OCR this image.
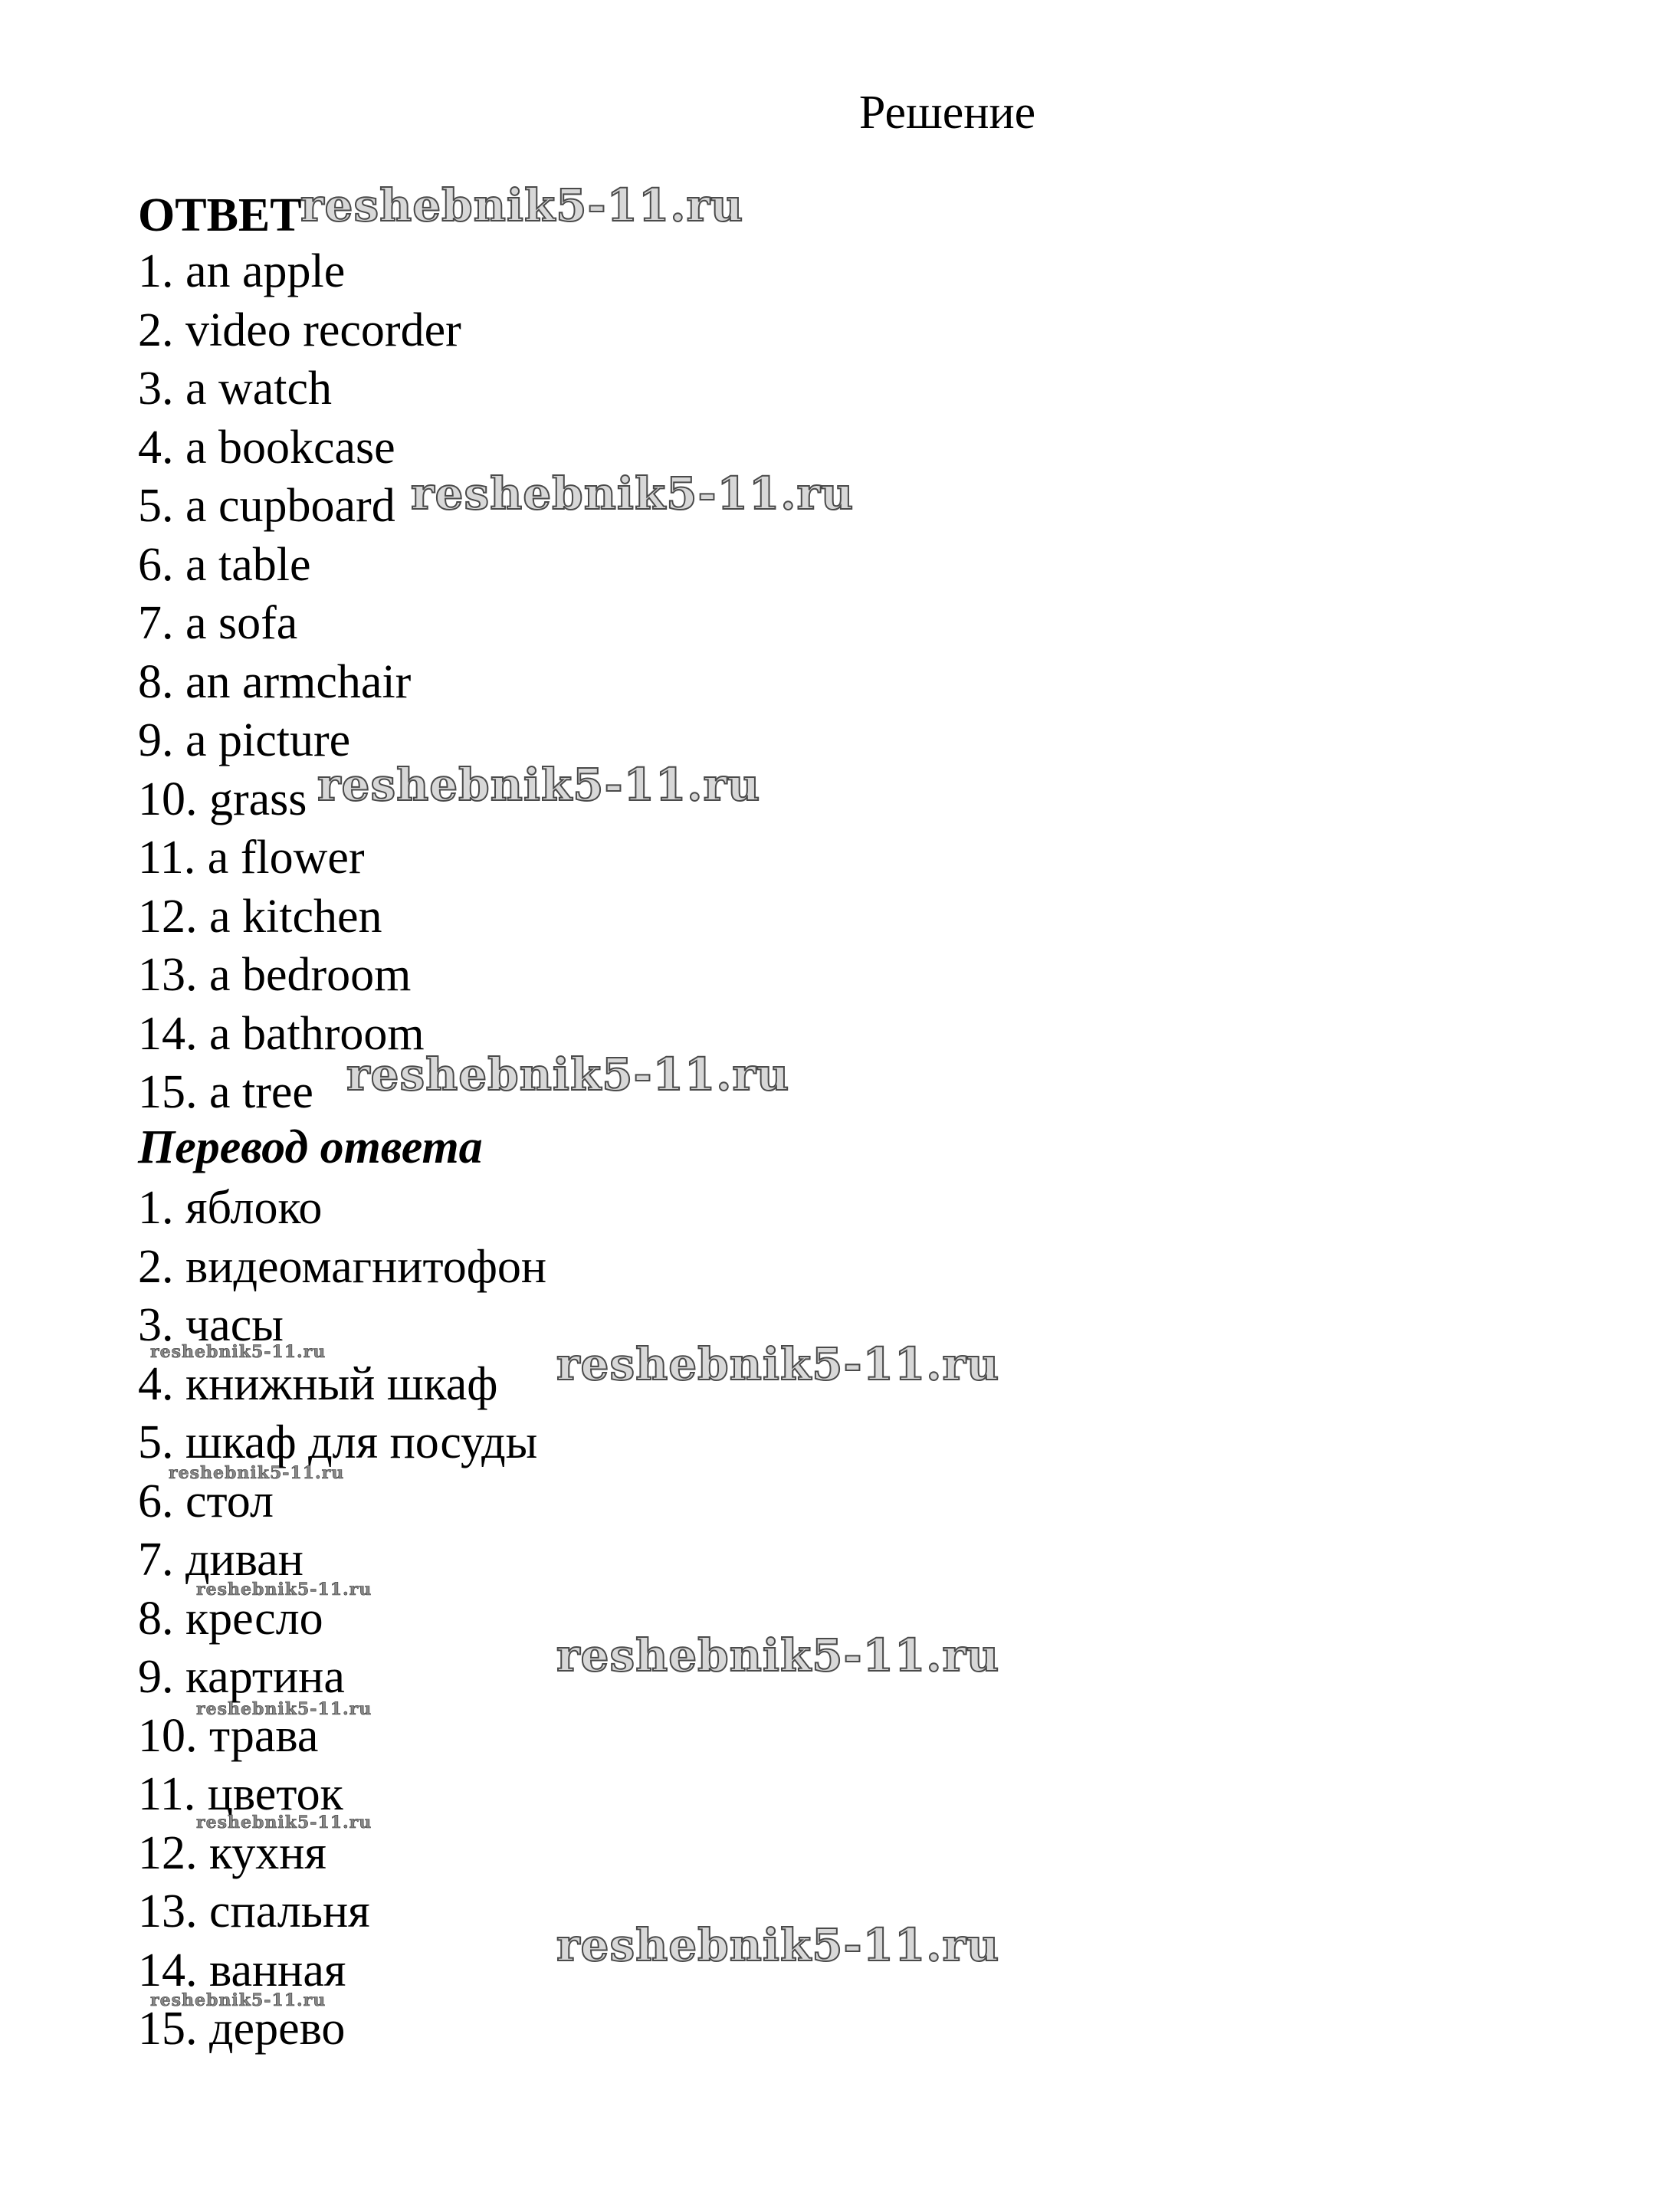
Решение
ОТВЕТ
1. an apple
2. video recorder
3. a watch
4. a bookcase
5. a cupboard
6. a table
7. a sofa
8. an armchair
9. a picture
10. grass
11. a flower
12. a kitchen
13. a bedroom
14. a bathroom
15. a tree
Перевод ответа
1. яблоко
2. видеомагнитофон
3. часы
4. книжный шкаф
5. шкаф для посуды
6. стол
7. диван
8. кресло
9. картина
10. трава
11. цветок
12. кухня
13. спальня
14. ванная
15. дерево
reshebnik5-11.ru
reshebnik5-11.ru
reshebnik5-11.ru
reshebnik5-11.ru
reshebnik5-11.ru
reshebnik5-11.ru
reshebnik5-11.ru
reshebnik5-11.ru
reshebnik5-11.ru
reshebnik5-11.ru
reshebnik5-11.ru
reshebnik5-11.ru
reshebnik5-11.ru
